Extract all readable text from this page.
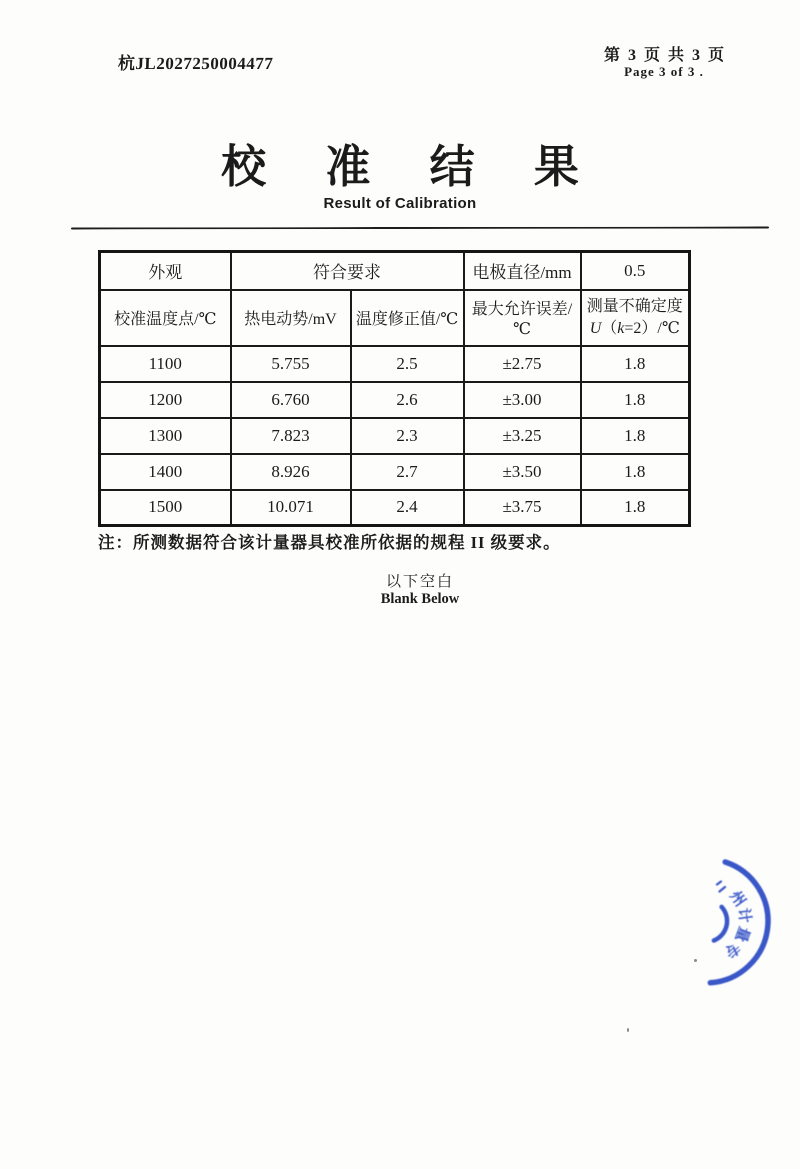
杭JL2027250004477	第 3 页 共 3 页
Page 3 of 3 .
校 准 结 果
Result of Calibration
外观	符合要求		电极直径/mm	0.5
校准温度点/℃	热电动势/mV	温度修正值/℃	最大允许误差/℃	测量不确定度
U（k=2）/℃
1100	5.755	2.5	±2.75	1.8
1200	6.760	2.6	±3.00	1.8
1300	7.823	2.3	±3.25	1.8
1400	8.926	2.7	±3.50	1.8
1500	10.071	2.4	±3.75	1.8
注：所测数据符合该计量器具校准所依据的规程 II 级要求。
以下空白
Blank Below
州
计
量
专
